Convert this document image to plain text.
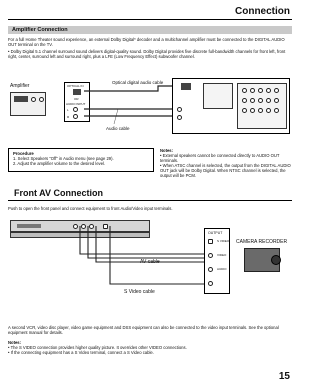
Connection
Amplifier Connection
For a full Home Theater sound experience, an external Dolby Digital* decoder and a multichannel amplifier must be connected to the DIGITAL AUDIO OUT terminal on the TV.
• Dolby Digital 5.1 channel surround sound delivers digital-quality sound. Dolby Digital provides five discrete full-bandwidth channels for front left, front right, center, surround left and surround right, plus a LFE (Low Frequency Effect) subwoofer channel.
Amplifier	OPTICAL IN
OR
AUDIO INPUT
L
R
Optical digital audio cable
Audio cable
Procedure
1. Select Speakers "Off" in Audio menu (see page 29).
2. Adjust the amplifier volume to the desired level.
Notes:
• External speakers cannot be connected directly to AUDIO OUT terminals.
• When ATSC channel is selected, the output from the DIGITAL AUDIO OUT jack will be Dolby Digital. When NTSC channel is selected, the output will be PCM.
Front AV Connection
Push to open the front panel and connect equipment to front Audio/Video input terminals.
AV cable
S Video cable
OUTPUT
S VIDEO
VIDEO
AUDIO
CAMERA RECORDER
A second VCR, video disc player, video game equipment and DSS equipment can also be connected to the video input terminals. See the optional equipment manual for details.
Notes:
• The S VIDEO connection provides higher quality picture. It overrides other VIDEO connections.
• If the connecting equipment has a S Video terminal, connect a S Video cable.
15
